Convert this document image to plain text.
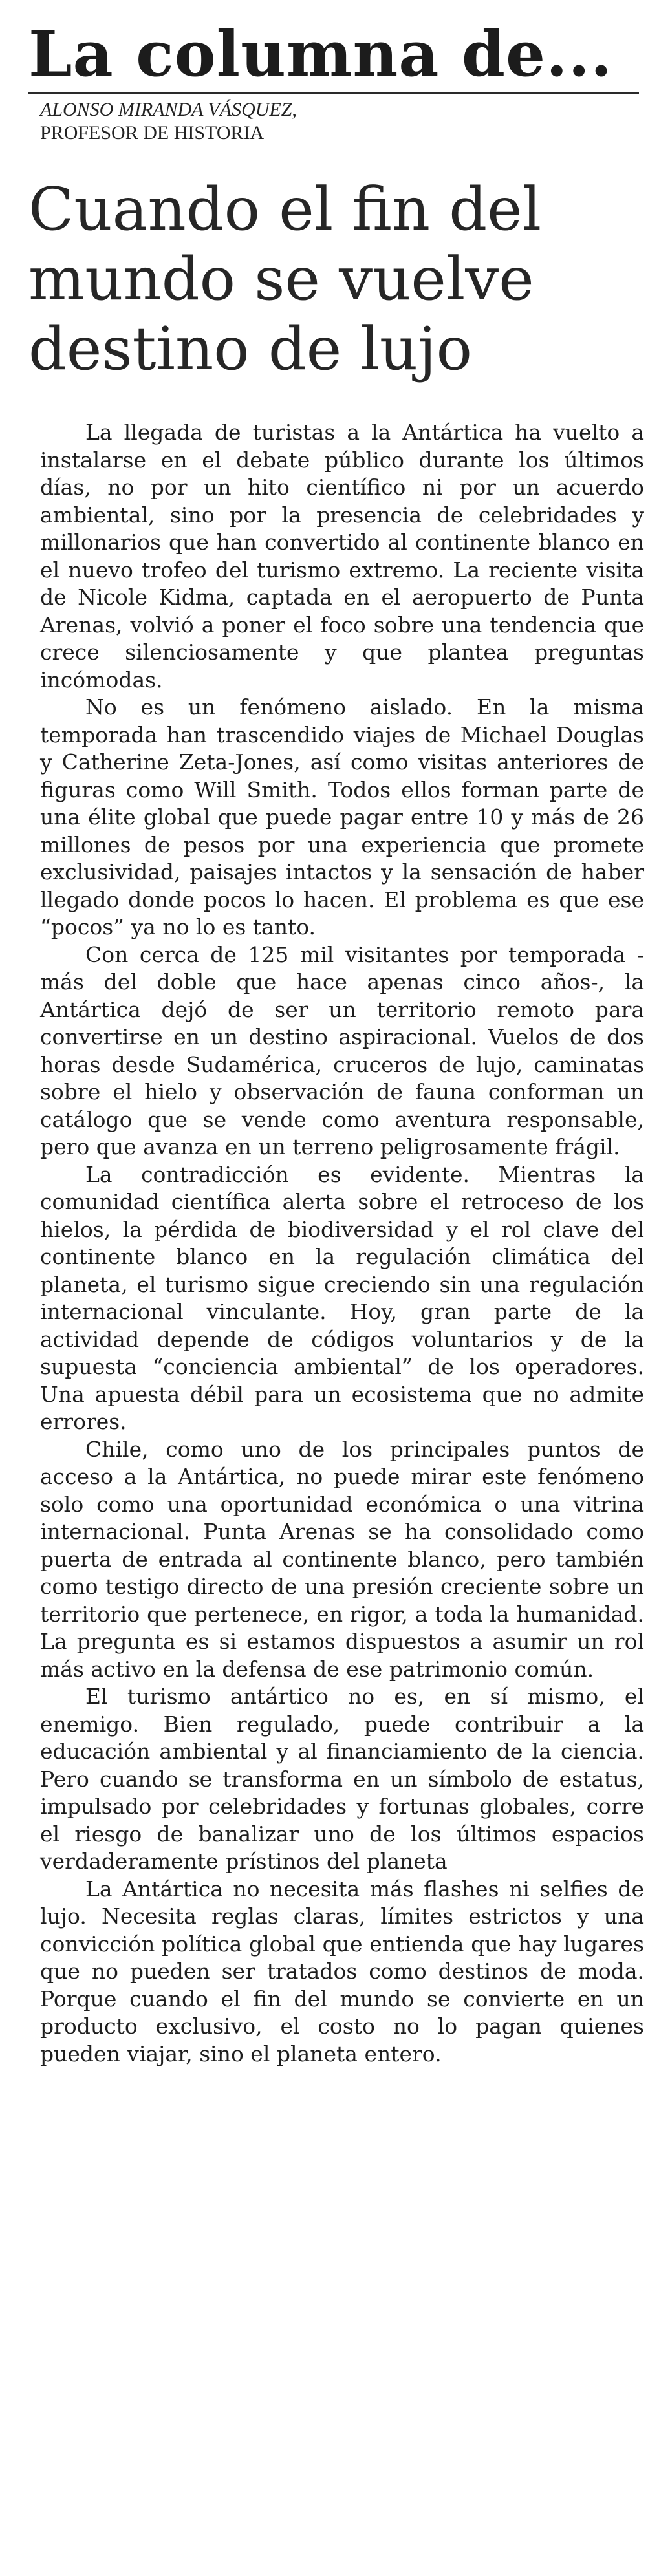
La columna de...
ALONSO MIRANDA VÁSQUEZ,
PROFESOR DE HISTORIA
Cuando el fin del mundo se vuelve destino de lujo

La llegada de turistas a la Antártica ha vuelto a instalarse en el debate público durante los últimos días, no por un hito científico ni por un acuerdo ambiental, sino por la presencia de celebridades y millonarios que han convertido al continente blanco en el nuevo trofeo del turismo extremo. La reciente visita de Nicole Kidma, captada en el aeropuerto de Punta Arenas, volvió a poner el foco sobre una tendencia que crece silenciosamente y que plantea preguntas incómodas.

No es un fenómeno aislado. En la misma temporada han trascendido viajes de Michael Douglas y Catherine Zeta-Jones, así como visitas anteriores de figuras como Will Smith. Todos ellos forman parte de una élite global que puede pagar entre 10 y más de 26 millones de pesos por una experiencia que promete exclusividad, paisajes intactos y la sensación de haber llegado donde pocos lo hacen. El problema es que ese “pocos” ya no lo es tanto.

Con cerca de 125 mil visitantes por temporada -más del doble que hace apenas cinco años-, la Antártica dejó de ser un territorio remoto para convertirse en un destino aspiracional. Vuelos de dos horas desde Sudamérica, cruceros de lujo, caminatas sobre el hielo y observación de fauna conforman un catálogo que se vende como aventura responsable, pero que avanza en un terreno peligrosamente frágil.

La contradicción es evidente. Mientras la comunidad científica alerta sobre el retroceso de los hielos, la pérdida de biodiversidad y el rol clave del continente blanco en la regulación climática del planeta, el turismo sigue creciendo sin una regulación internacional vinculante. Hoy, gran parte de la actividad depende de códigos voluntarios y de la supuesta “conciencia ambiental” de los operadores. Una apuesta débil para un ecosistema que no admite errores.

Chile, como uno de los principales puntos de acceso a la Antártica, no puede mirar este fenómeno solo como una oportunidad económica o una vitrina internacional. Punta Arenas se ha consolidado como puerta de entrada al continente blanco, pero también como testigo directo de una presión creciente sobre un territorio que pertenece, en rigor, a toda la humanidad. La pregunta es si estamos dispuestos a asumir un rol más activo en la defensa de ese patrimonio común.

El turismo antártico no es, en sí mismo, el enemigo. Bien regulado, puede contribuir a la educación ambiental y al financiamiento de la ciencia. Pero cuando se transforma en un símbolo de estatus, impulsado por celebridades y fortunas globales, corre el riesgo de banalizar uno de los últimos espacios verdaderamente prístinos del planeta

La Antártica no necesita más flashes ni selfies de lujo. Necesita reglas claras, límites estrictos y una convicción política global que entienda que hay lugares que no pueden ser tratados como destinos de moda. Porque cuando el fin del mundo se convierte en un producto exclusivo, el costo no lo pagan quienes pueden viajar, sino el planeta entero.
